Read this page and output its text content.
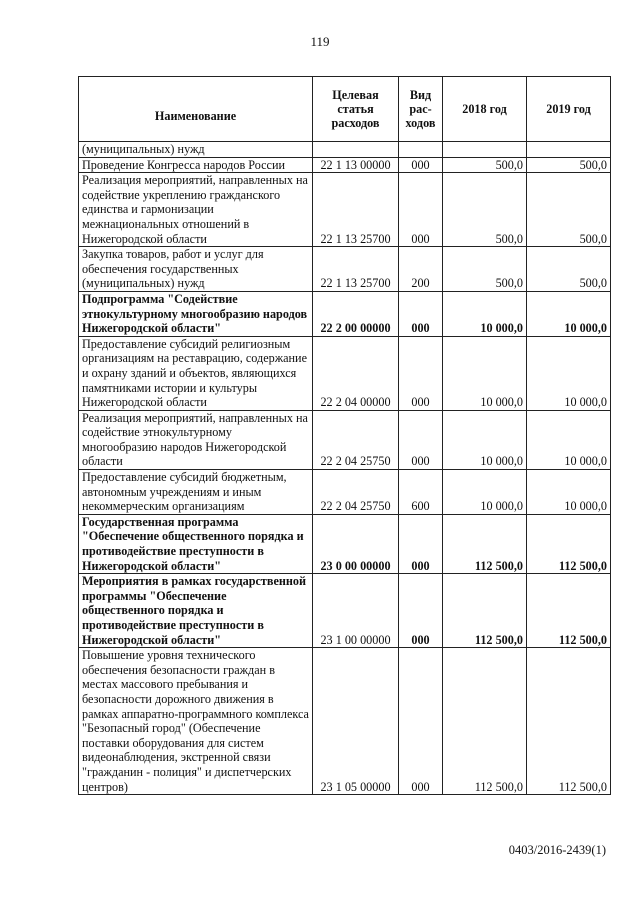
119
Наименование	Целевая статья расходов	Вид рас-ходов	2018 год	2019 год
(муниципальных) нужд				
Проведение Конгресса народов России	22 1 13 00000	000	500,0	500,0
Реализация мероприятий, направленных на содействие укреплению гражданского единства и гармонизации межнациональных отношений в Нижегородской области	22 1 13 25700	000	500,0	500,0
Закупка товаров, работ и услуг для обеспечения государственных (муниципальных) нужд	22 1 13 25700	200	500,0	500,0
Подпрограмма "Содействие этнокультурному многообразию народов Нижегородской области"	22 2 00 00000	000	10 000,0	10 000,0
Предоставление субсидий религиозным организациям на реставрацию, содержание и охрану зданий и объектов, являющихся памятниками истории и культуры Нижегородской области	22 2 04 00000	000	10 000,0	10 000,0
Реализация мероприятий, направленных на содействие этнокультурному многообразию народов Нижегородской области	22 2 04 25750	000	10 000,0	10 000,0
Предоставление субсидий бюджетным, автономным учреждениям и иным некоммерческим организациям	22 2 04 25750	600	10 000,0	10 000,0
Государственная программа "Обеспечение общественного порядка и противодействие преступности в Нижегородской области"	23 0 00 00000	000	112 500,0	112 500,0
Мероприятия в рамках государственной программы "Обеспечение общественного порядка и противодействие преступности в Нижегородской области"	23 1 00 00000	000	112 500,0	112 500,0
Повышение уровня технического обеспечения безопасности граждан в местах массового пребывания и безопасности дорожного движения в рамках аппаратно-программного комплекса "Безопасный город" (Обеспечение поставки оборудования для систем видеонаблюдения, экстренной связи "гражданин - полиция" и диспетчерских центров)	23 1 05 00000	000	112 500,0	112 500,0
0403/2016-2439(1)
